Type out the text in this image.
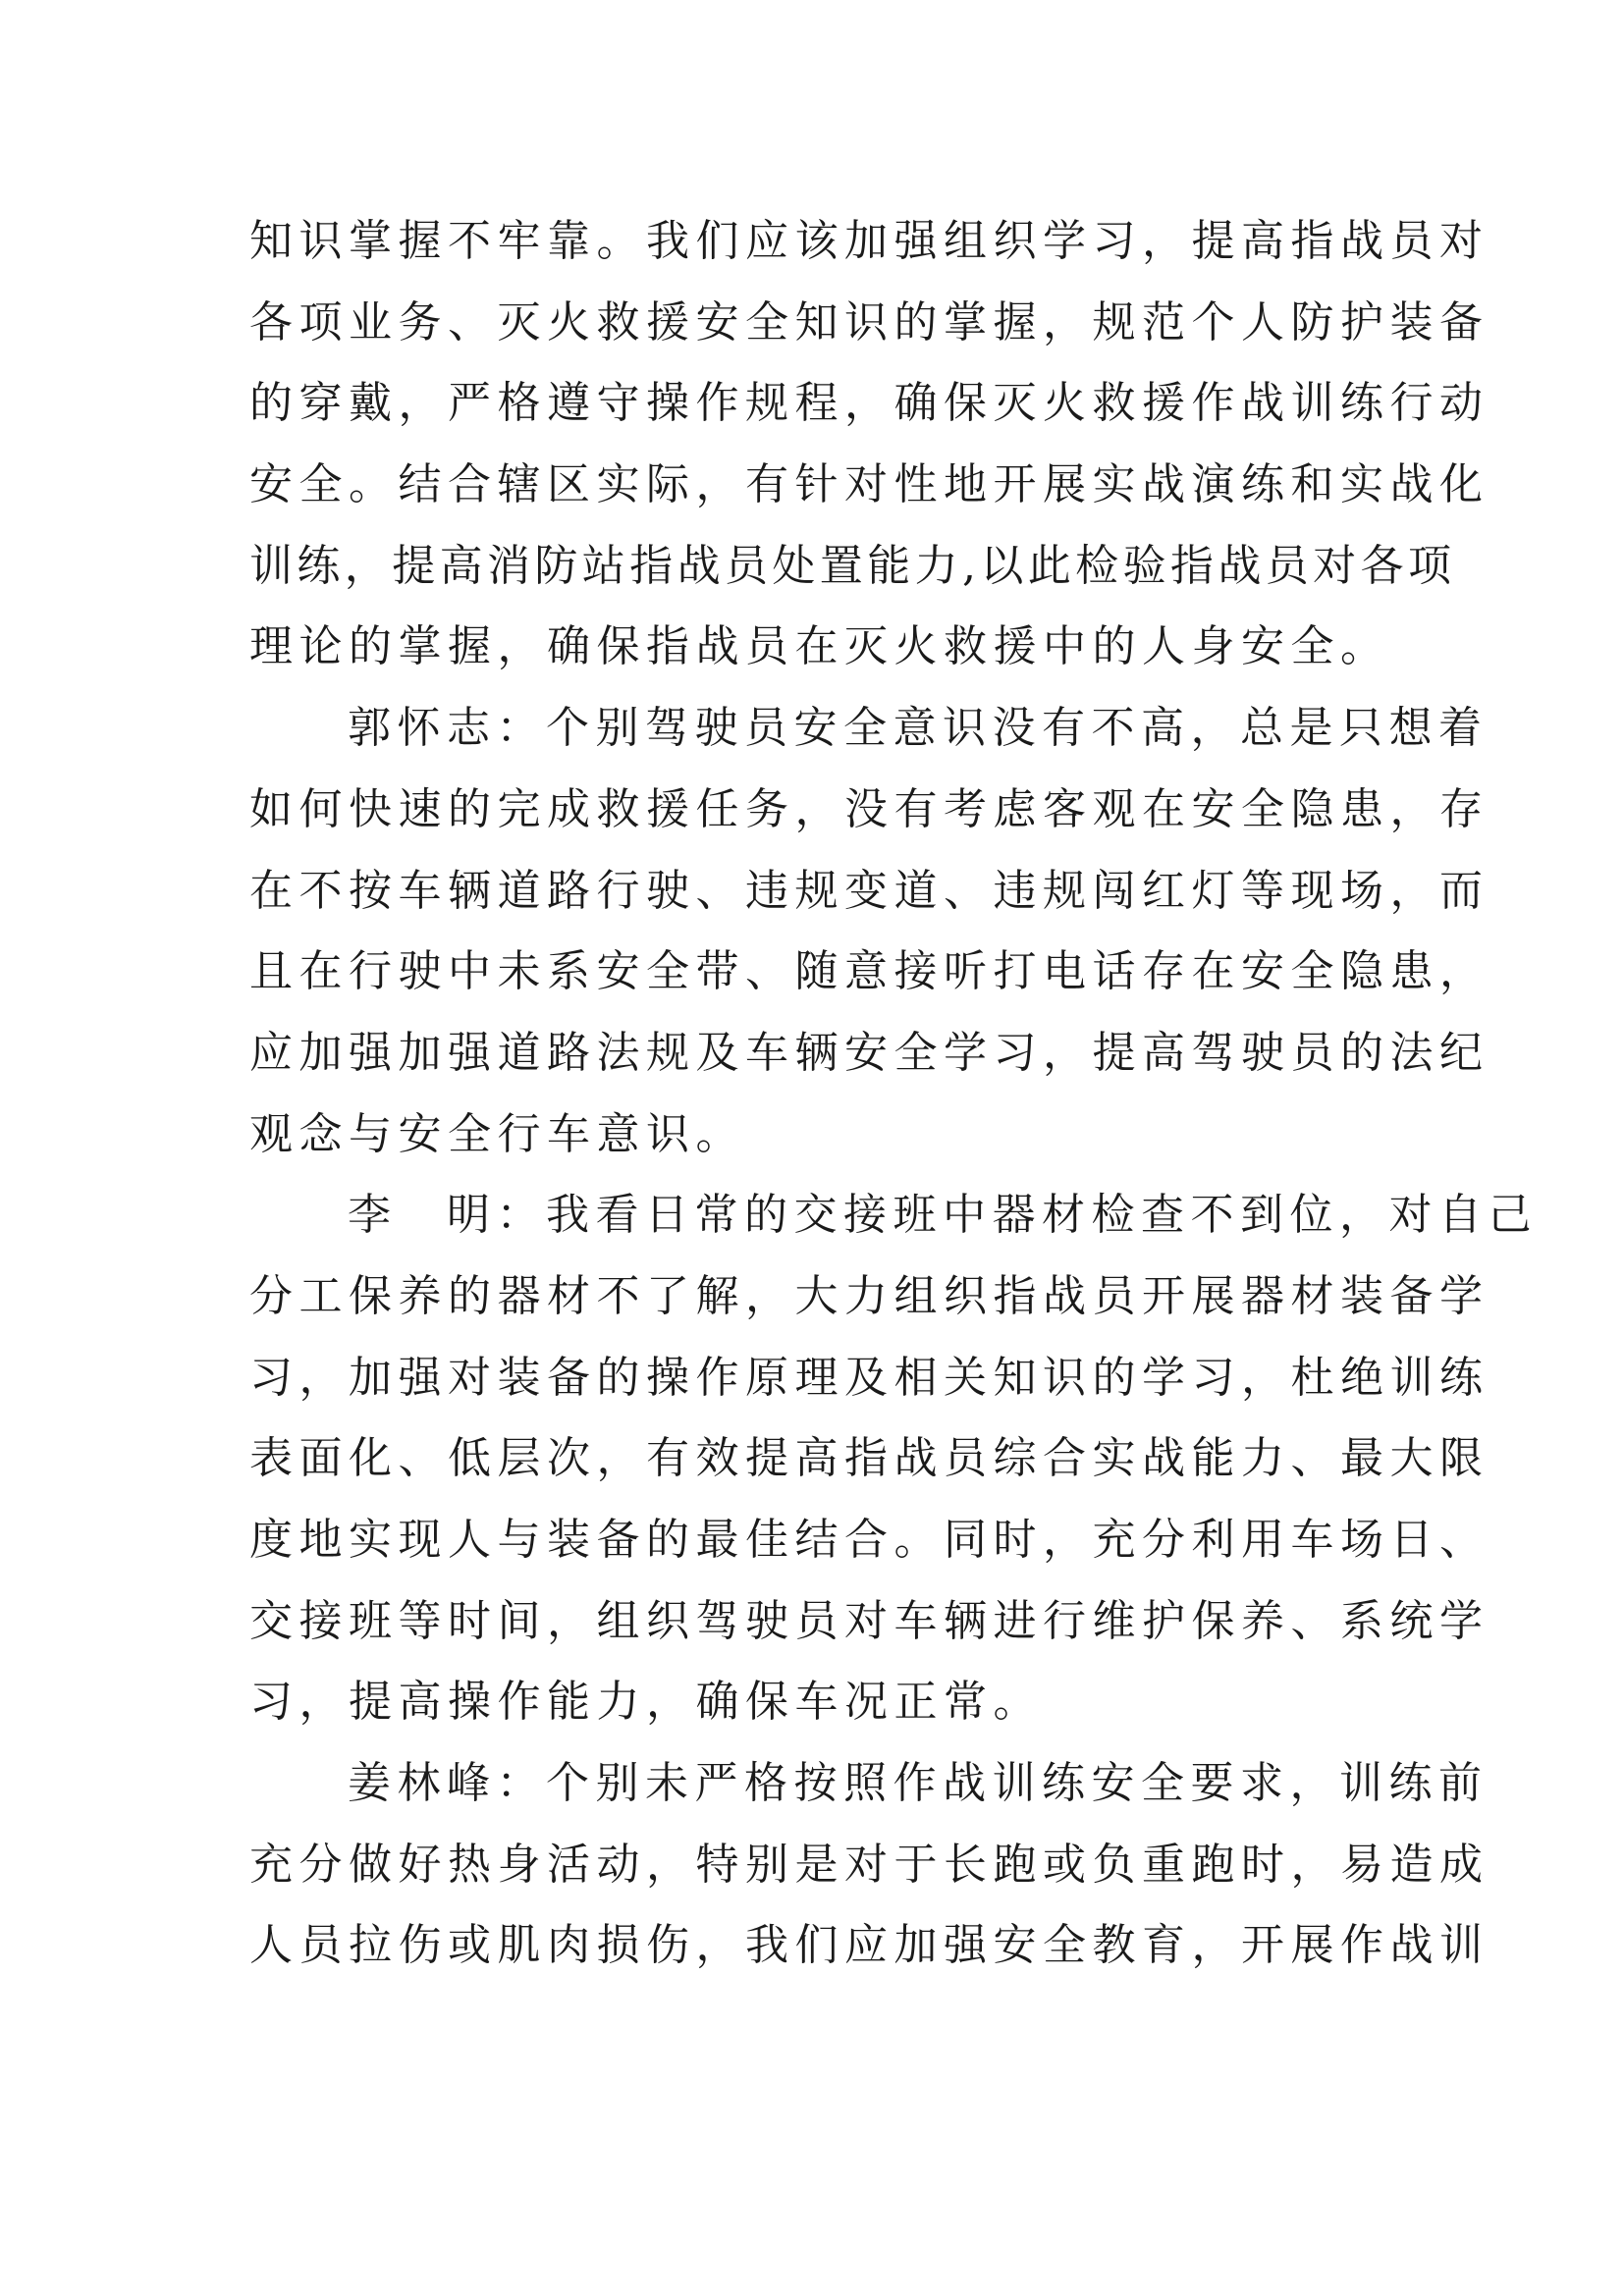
知识掌握不牢靠。我们应该加强组织学习，提高指战员对
各项业务、灭火救援安全知识的掌握，规范个人防护装备
的穿戴，严格遵守操作规程，确保灭火救援作战训练行动
安全。结合辖区实际，有针对性地开展实战演练和实战化
训练，提高消防站指战员处置能力,以此检验指战员对各项
理论的掌握，确保指战员在灭火救援中的人身安全。

郭怀志：个别驾驶员安全意识没有不高，总是只想着
如何快速的完成救援任务，没有考虑客观在安全隐患，存
在不按车辆道路行驶、违规变道、违规闯红灯等现场，而
且在行驶中未系安全带、随意接听打电话存在安全隐患，
应加强加强道路法规及车辆安全学习，提高驾驶员的法纪
观念与安全行车意识。

李　明：我看日常的交接班中器材检查不到位，对自己
分工保养的器材不了解，大力组织指战员开展器材装备学
习，加强对装备的操作原理及相关知识的学习，杜绝训练
表面化、低层次，有效提高指战员综合实战能力、最大限
度地实现人与装备的最佳结合。同时，充分利用车场日、
交接班等时间，组织驾驶员对车辆进行维护保养、系统学
习，提高操作能力，确保车况正常。

姜林峰：个别未严格按照作战训练安全要求，训练前
充分做好热身活动，特别是对于长跑或负重跑时，易造成
人员拉伤或肌肉损伤，我们应加强安全教育，开展作战训
